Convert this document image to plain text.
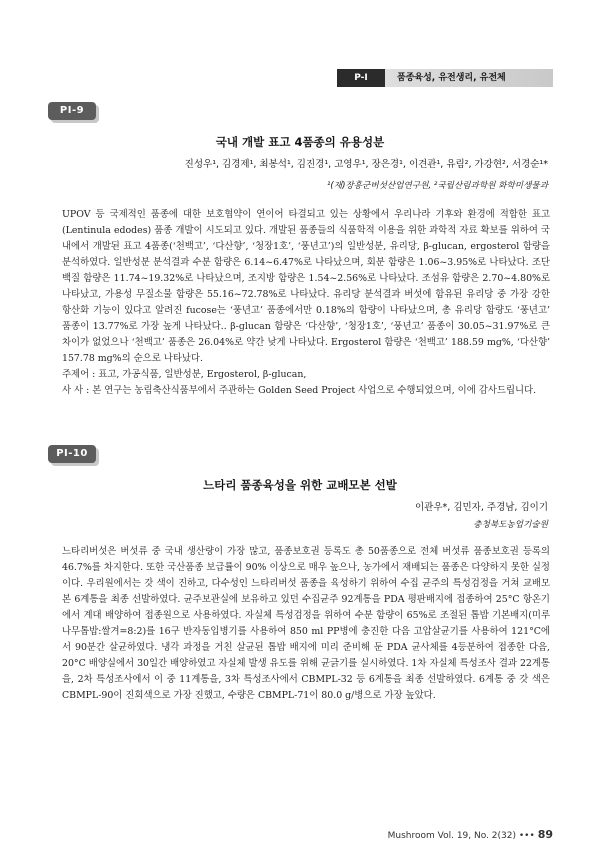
P-Ⅰ	품종육성, 유전생리, 유전체
PⅠ-9
국내 개발 표고 4품종의 유용성분
진성우¹, 김경제¹, 최봉석¹, 김진경¹, 고영우¹, 장은경¹, 이견관¹, 유림², 가강현², 서경순¹*
¹(재)장흥군버섯산업연구원, ²국립산림과학원 화학미생물과

UPOV 등 국제적인 품종에 대한 보호협약이 연이어 타결되고 있는 상황에서 우리나라 기후와 환경에 적합한 표고(Lentinula edodes) 품종 개발이 시도되고 있다. 개발된 품종들의 식품학적 이용을 위한 과학적 자료 확보를 위하여 국내에서 개발된 표고 4품종(‘천백고’, ‘다산향’, ‘청장1호’, ‘풍년고’)의 일반성분, 유리당, β-glucan, ergosterol 함량을 분석하였다. 일반성분 분석결과 수분 함량은 6.14~6.47%로 나타났으며, 회분 함량은 1.06~3.95%로 나타났다. 조단백질 함량은 11.74~19.32%로 나타났으며, 조지방 함량은 1.54~2.56%로 나타났다. 조섬유 함량은 2.70~4.80%로 나타났고, 가용성 무질소물 함량은 55.16~72.78%로 나타났다. 유리당 분석결과 버섯에 함유된 유리당 중 가장 강한 항산화 기능이 있다고 알려진 fucose는 ‘풍년고’ 품종에서만 0.18%의 함량이 나타났으며, 총 유리당 함량도 ‘풍년고’ 품종이 13.77%로 가장 높게 나타났다.. β-glucan 함량은 ‘다산향’, ‘청장1호’, ‘풍년고’ 품종이 30.05~31.97%로 큰 차이가 없었으나 ‘천백고’ 품종은 26.04%로 약간 낮게 나타났다. Ergosterol 함량은 ‘천백고’ 188.59 mg%, ‘다산향’ 157.78 mg%의 순으로 나타났다.

주제어 : 표고, 가공식품, 일반성분, Ergosterol, β-glucan,

사 사 : 본 연구는 농림축산식품부에서 주관하는 Golden Seed Project 사업으로 수행되었으며, 이에 감사드립니다.

PⅠ-10
느타리 품종육성을 위한 교배모본 선발
이관우*, 김민자, 주경남, 김이기
충청북도농업기술원

느타리버섯은 버섯류 중 국내 생산량이 가장 많고, 품종보호권 등록도 총 50품종으로 전체 버섯류 품종보호권 등록의 46.7%를 차지한다. 또한 국산품종 보급률이 90% 이상으로 매우 높으나, 농가에서 재배되는 품종은 다양하지 못한 실정이다. 우리원에서는 갓 색이 진하고, 다수성인 느타리버섯 품종을 육성하기 위하여 수집 균주의 특성검정을 거쳐 교배모본 6계통을 최종 선발하였다. 균주보관실에 보유하고 있던 수집균주 92계통을 PDA 평판배지에 접종하여 25°C 항온기에서 계대 배양하여 접종원으로 사용하였다. 자실체 특성검정을 위하여 수분 함량이 65%로 조절된 톱밥 기본배지(미루나무톱밥:쌀겨=8:2)를 16구 반자동입병기를 사용하여 850 ml PP병에 충진한 다음 고압살균기를 사용하여 121°C에서 90분간 살균하였다. 냉각 과정을 거친 살균된 톱밥 배지에 미리 준비해 둔 PDA 균사체를 4등분하여 접종한 다음, 20°C 배양실에서 30일간 배양하였고 자실체 발생 유도를 위해 균긁기를 실시하였다. 1차 자실체 특성조사 결과 22계통을, 2차 특성조사에서 이 중 11계통을, 3차 특성조사에서 CBMPL-32 등 6계통을 최종 선발하였다. 6계통 중 갓 색은 CBMPL-90이 진회색으로 가장 진했고, 수량은 CBMPL-71이 80.0 g/병으로 가장 높았다.

Mushroom Vol. 19, No. 2(32) ••• 89
